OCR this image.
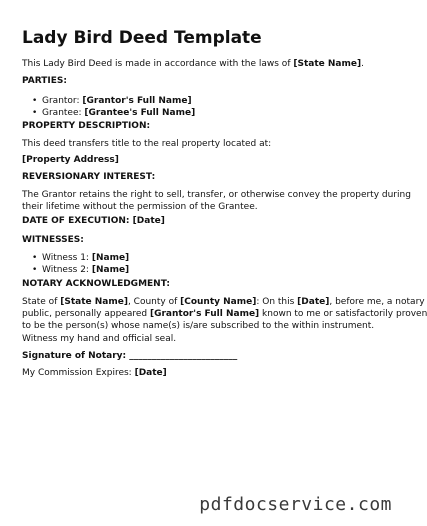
Lady Bird Deed Template
This Lady Bird Deed is made in accordance with the laws of [State Name].
PARTIES:
• Grantor: [Grantor's Full Name]
• Grantee: [Grantee's Full Name]
PROPERTY DESCRIPTION:
This deed transfers title to the real property located at:
[Property Address]
REVERSIONARY INTEREST:
The Grantor retains the right to sell, transfer, or otherwise convey the property during
their lifetime without the permission of the Grantee.
DATE OF EXECUTION: [Date]
WITNESSES:
• Witness 1: [Name]
• Witness 2: [Name]
NOTARY ACKNOWLEDGMENT:
State of [State Name], County of [County Name]: On this [Date], before me, a notary
public, personally appeared [Grantor's Full Name] known to me or satisfactorily proven
to be the person(s) whose name(s) is/are subscribed to the within instrument.
Witness my hand and official seal.
Signature of Notary: ________________________
My Commission Expires: [Date]
pdfdocservice.com
